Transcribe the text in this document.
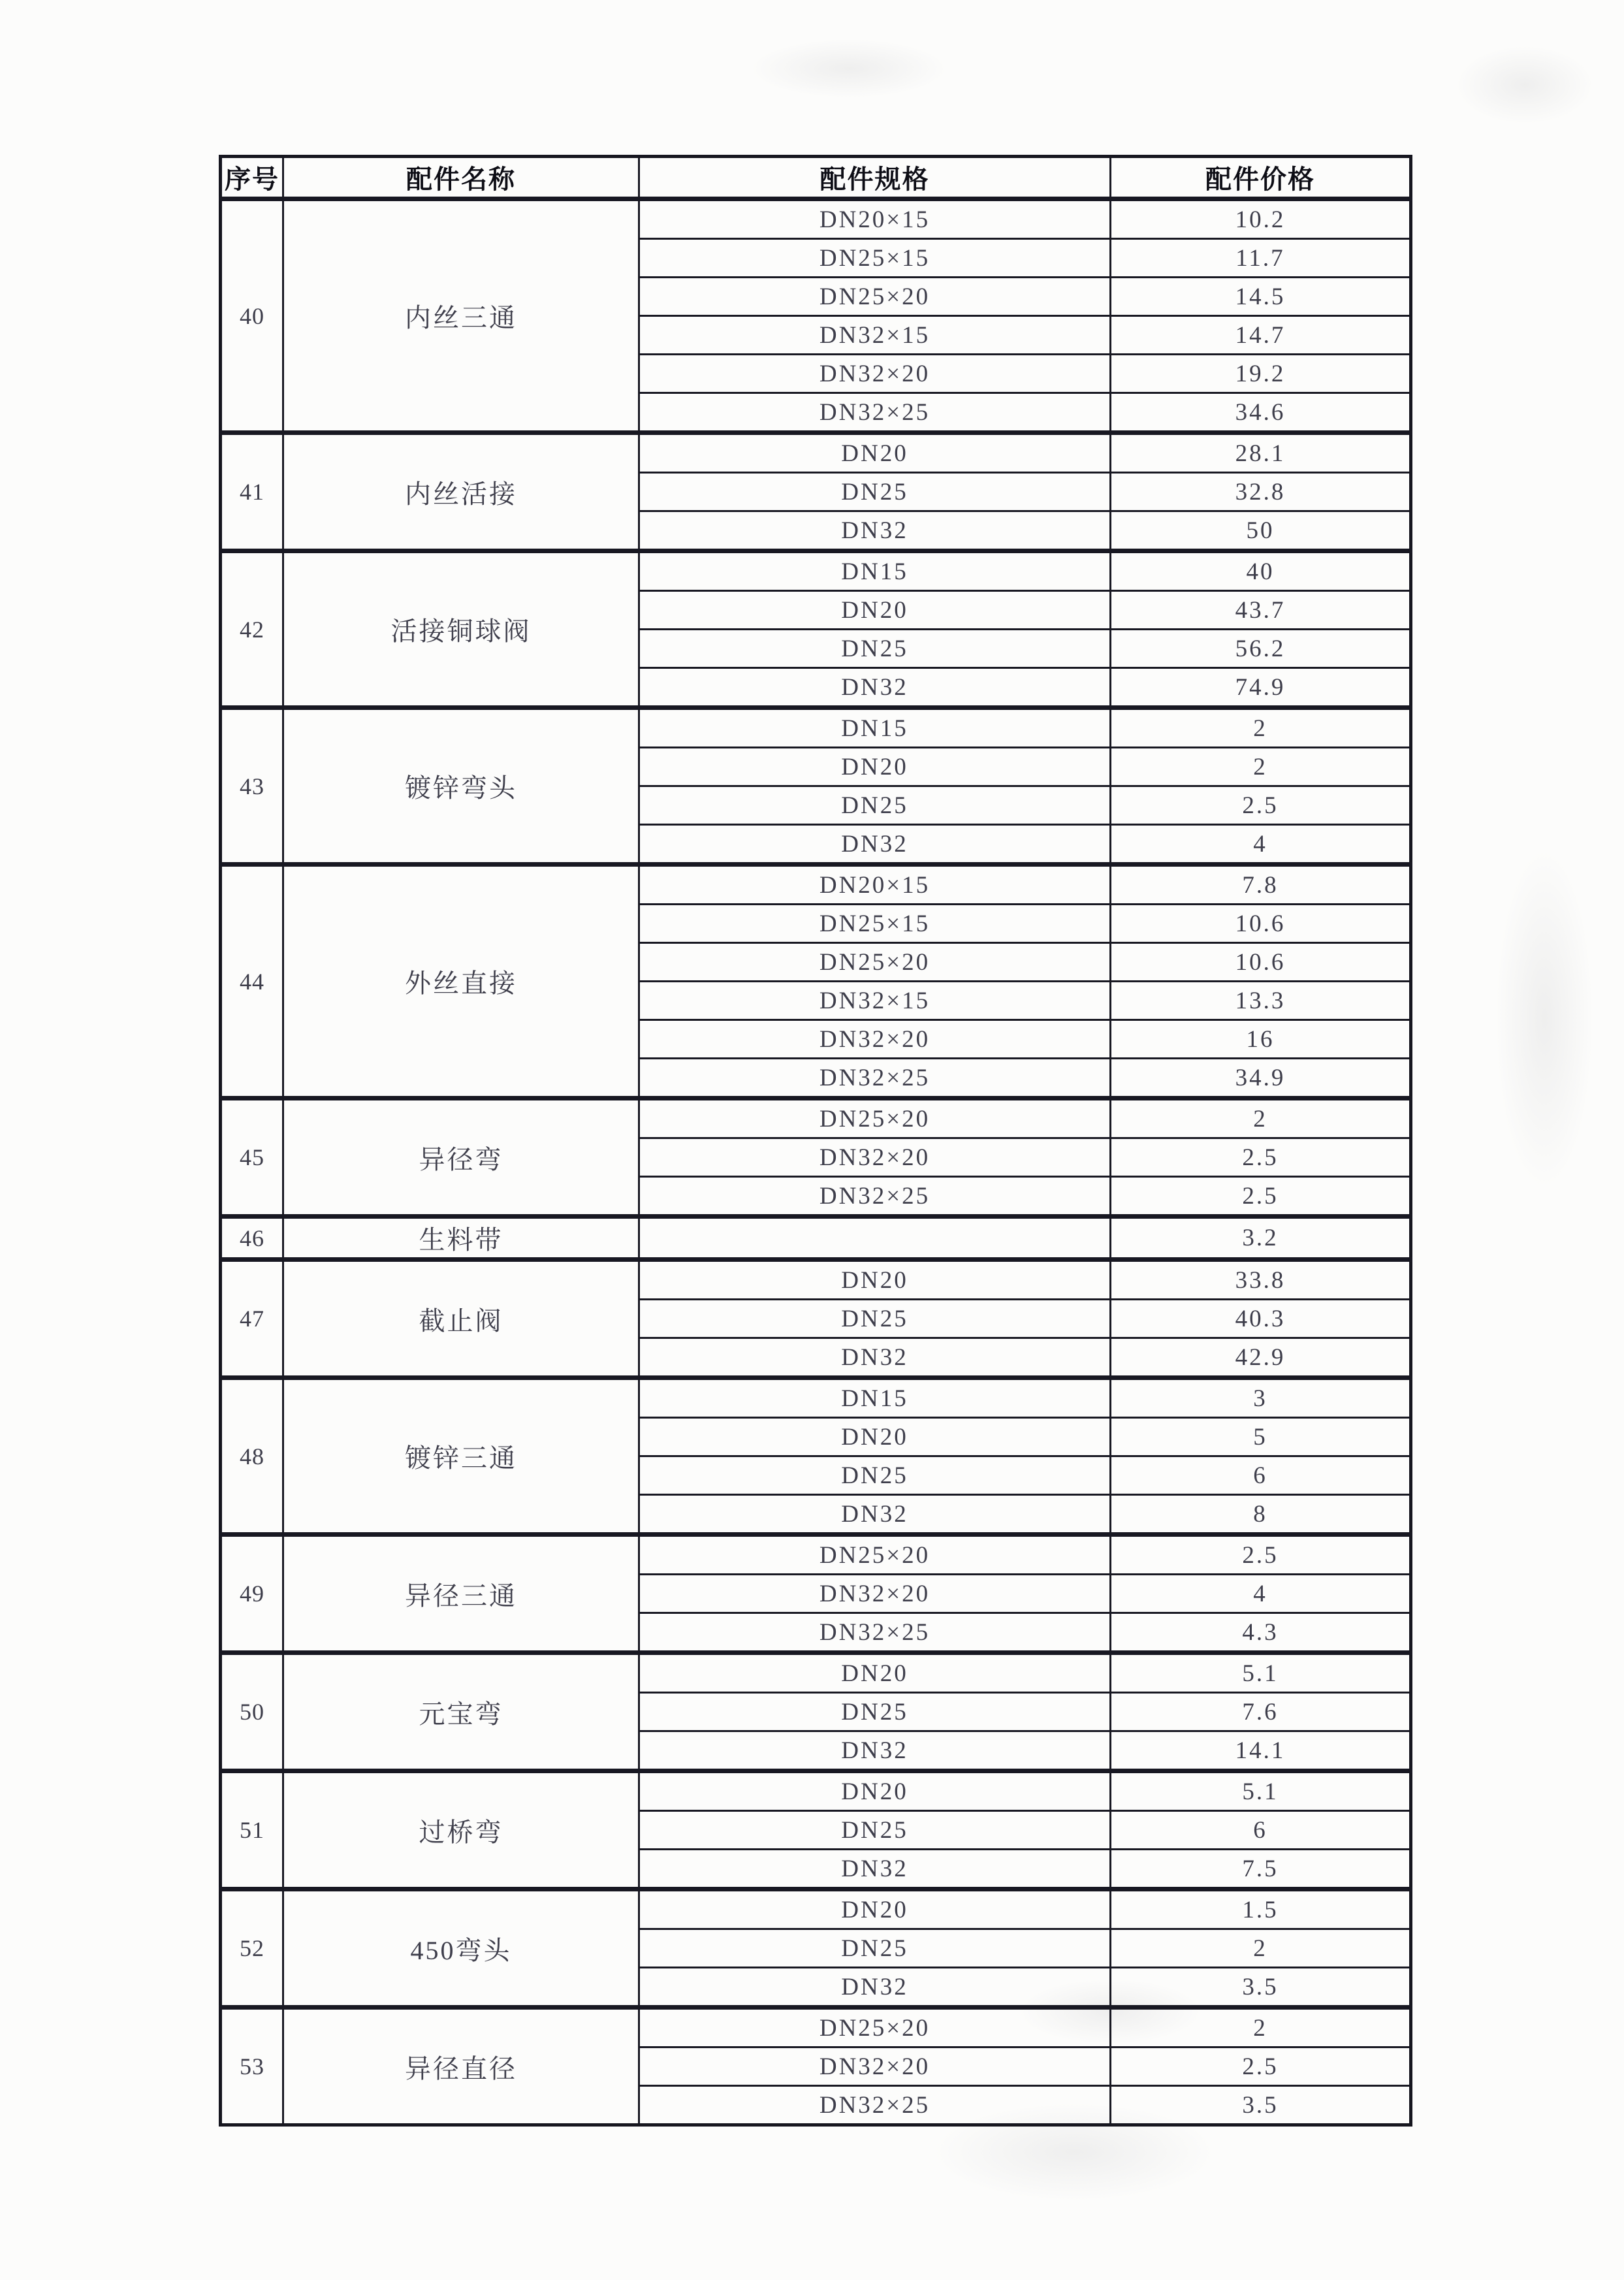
序号	配件名称	配件规格	配件价格
40	内丝三通	DN20×15	10.2
		DN25×15	11.7
		DN25×20	14.5
		DN32×15	14.7
		DN32×20	19.2
		DN32×25	34.6
41	内丝活接	DN20	28.1
		DN25	32.8
		DN32	50
42	活接铜球阀	DN15	40
		DN20	43.7
		DN25	56.2
		DN32	74.9
43	镀锌弯头	DN15	2
		DN20	2
		DN25	2.5
		DN32	4
44	外丝直接	DN20×15	7.8
		DN25×15	10.6
		DN25×20	10.6
		DN32×15	13.3
		DN32×20	16
		DN32×25	34.9
45	异径弯	DN25×20	2
		DN32×20	2.5
		DN32×25	2.5
46	生料带		3.2
47	截止阀	DN20	33.8
		DN25	40.3
		DN32	42.9
48	镀锌三通	DN15	3
		DN20	5
		DN25	6
		DN32	8
49	异径三通	DN25×20	2.5
		DN32×20	4
		DN32×25	4.3
50	元宝弯	DN20	5.1
		DN25	7.6
		DN32	14.1
51	过桥弯	DN20	5.1
		DN25	6
		DN32	7.5
52	450弯头	DN20	1.5
		DN25	2
		DN32	3.5
53	异径直径	DN25×20	2
		DN32×20	2.5
		DN32×25	3.5
